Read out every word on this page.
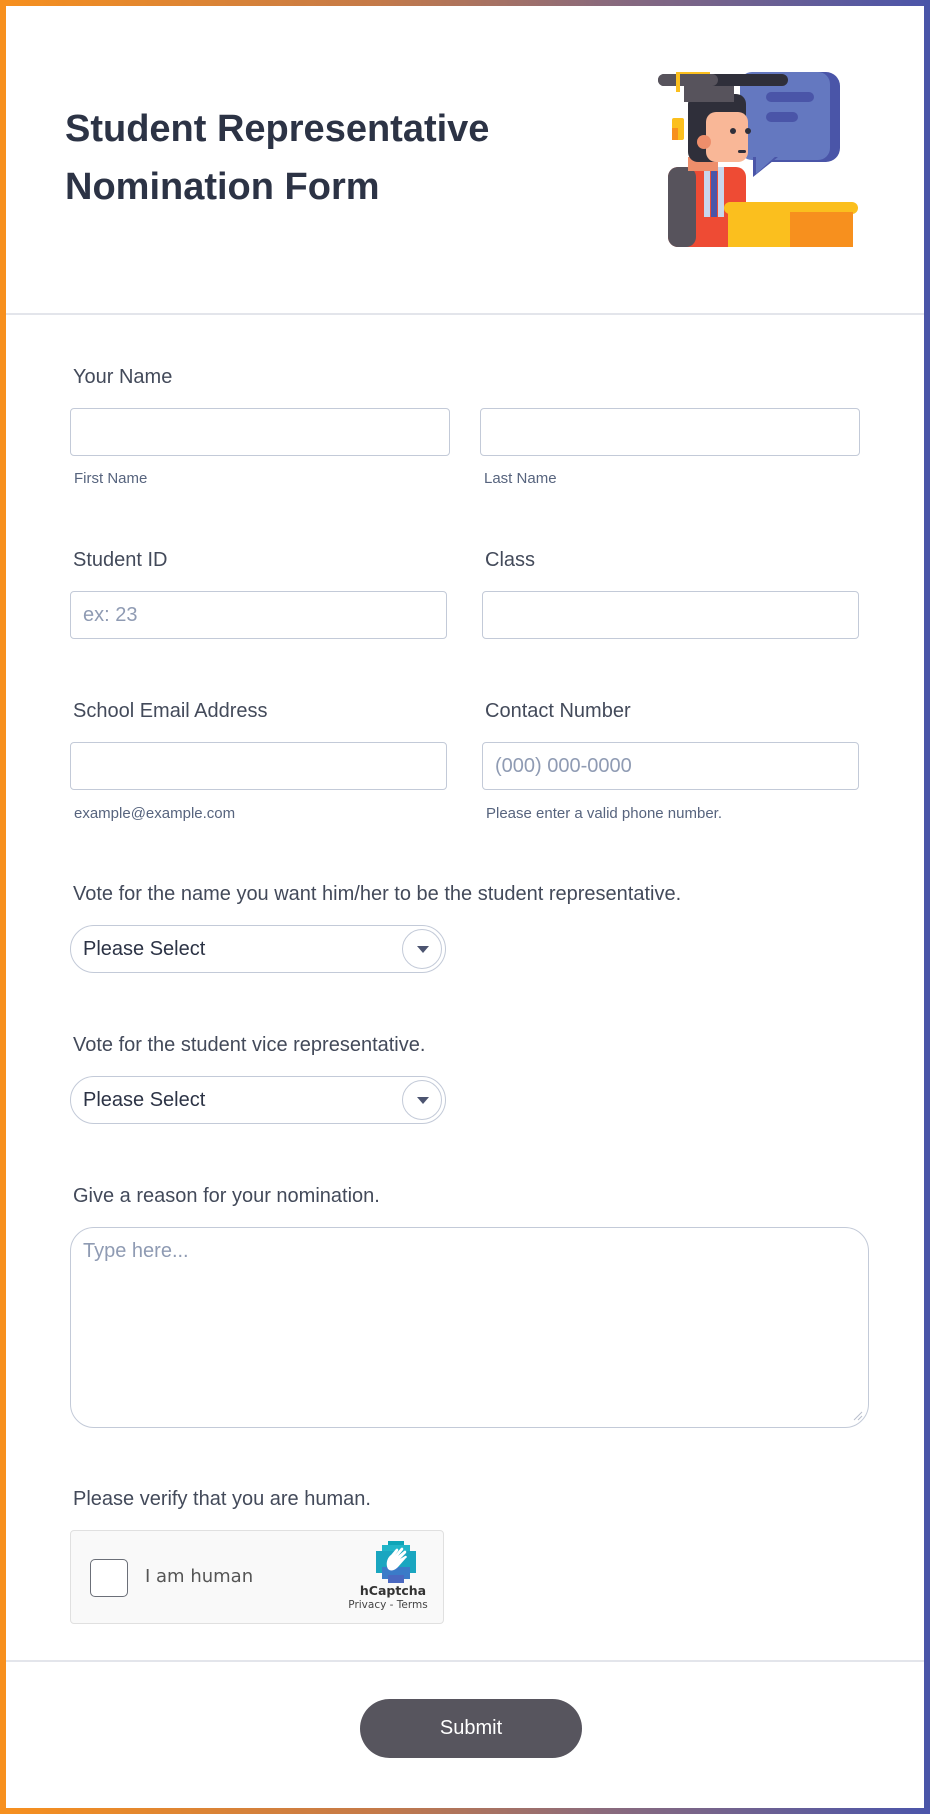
Student Representative
Nomination Form
Your Name
First Name	Last Name
Student ID
ex: 23	Class
School Email Address
example@example.com
Contact Number
(000) 000-0000
Please enter a valid phone number.
Vote for the name you want him/her to be the student representative.
Please Select
Vote for the student vice representative.
Please Select
Give a reason for your nomination.
Type here...
Please verify that you are human.
I am human
hCaptcha
Privacy - Terms
Submit
